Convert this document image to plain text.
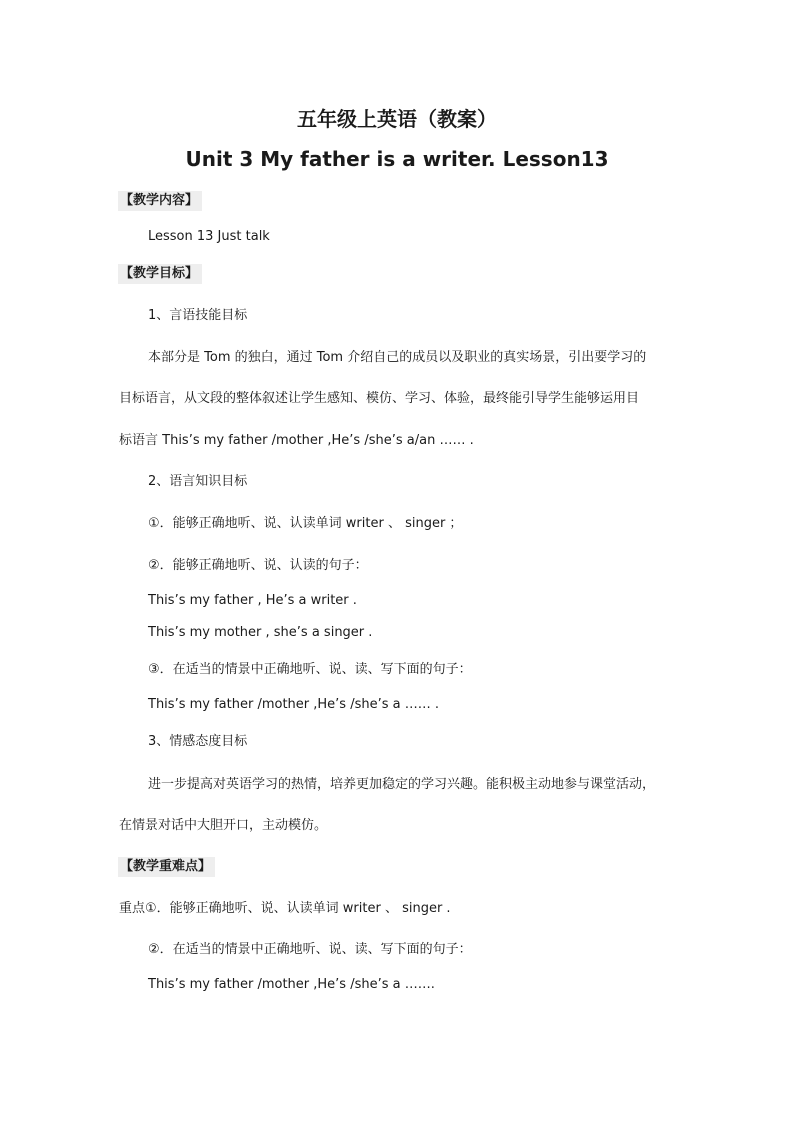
五年级上英语（教案）
Unit 3 My father is a writer. Lesson13
【教学内容】
Lesson 13 Just talk
【教学目标】
1、言语技能目标
本部分是 Tom 的独白，通过 Tom 介绍自己的成员以及职业的真实场景，引出要学习的
目标语言，从文段的整体叙述让学生感知、模仿、学习、体验，最终能引导学生能够运用目
标语言 This’s my father /mother ,He’s /she’s a/an …… .
2、语言知识目标
①．能够正确地听、说、认读单词 writer 、 singer ；
②．能够正确地听、说、认读的句子：
This’s my father , He’s a writer .
This’s my mother , she’s a singer .
③．在适当的情景中正确地听、说、读、写下面的句子：
This’s my father /mother ,He’s /she’s a …… .
3、情感态度目标
进一步提高对英语学习的热情，培养更加稳定的学习兴趣。能积极主动地参与课堂活动，
在情景对话中大胆开口，主动模仿。
【教学重难点】
重点①．能够正确地听、说、认读单词 writer 、 singer .
②．在适当的情景中正确地听、说、读、写下面的句子：
This’s my father /mother ,He’s /she’s a …….
